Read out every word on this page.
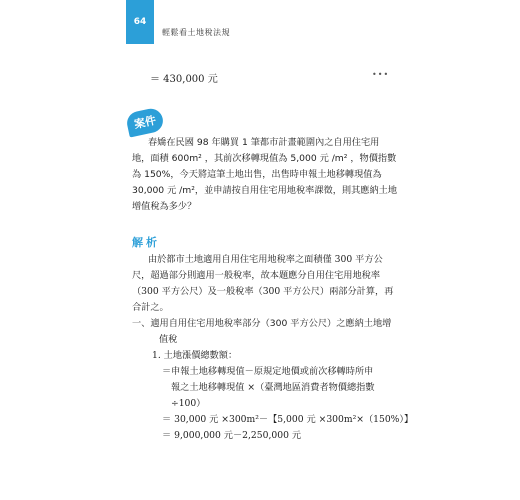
64
輕鬆看土地稅法規
＝ 430,000 元	•••
案件
春嬌在民國 98 年購買 1 筆都市計畫範圍內之自用住宅用
地，面積 600m² ，其前次移轉現值為 5,000 元 /m² ，物價指數
為 150%，今天將這筆土地出售，出售時申報土地移轉現值為
30,000 元 /m²，並申請按自用住宅用地稅率課徵，則其應納土地
增值稅為多少？
解析
由於都市土地適用自用住宅用地稅率之面積僅 300 平方公
尺，超過部分則適用一般稅率，故本題應分自用住宅用地稅率
（300 平方公尺）及一般稅率（300 平方公尺）兩部分計算，再
合計之。
一、適用自用住宅用地稅率部分（300 平方公尺）之應納土地增
值稅
1. 土地漲價總數額：
＝申報土地移轉現值－原規定地價或前次移轉時所申
報之土地移轉現值 ×（臺灣地區消費者物價總指數
÷100）
＝ 30,000 元 ×300m²－【5,000 元 ×300m²×（150%）】
＝ 9,000,000 元－2,250,000 元
